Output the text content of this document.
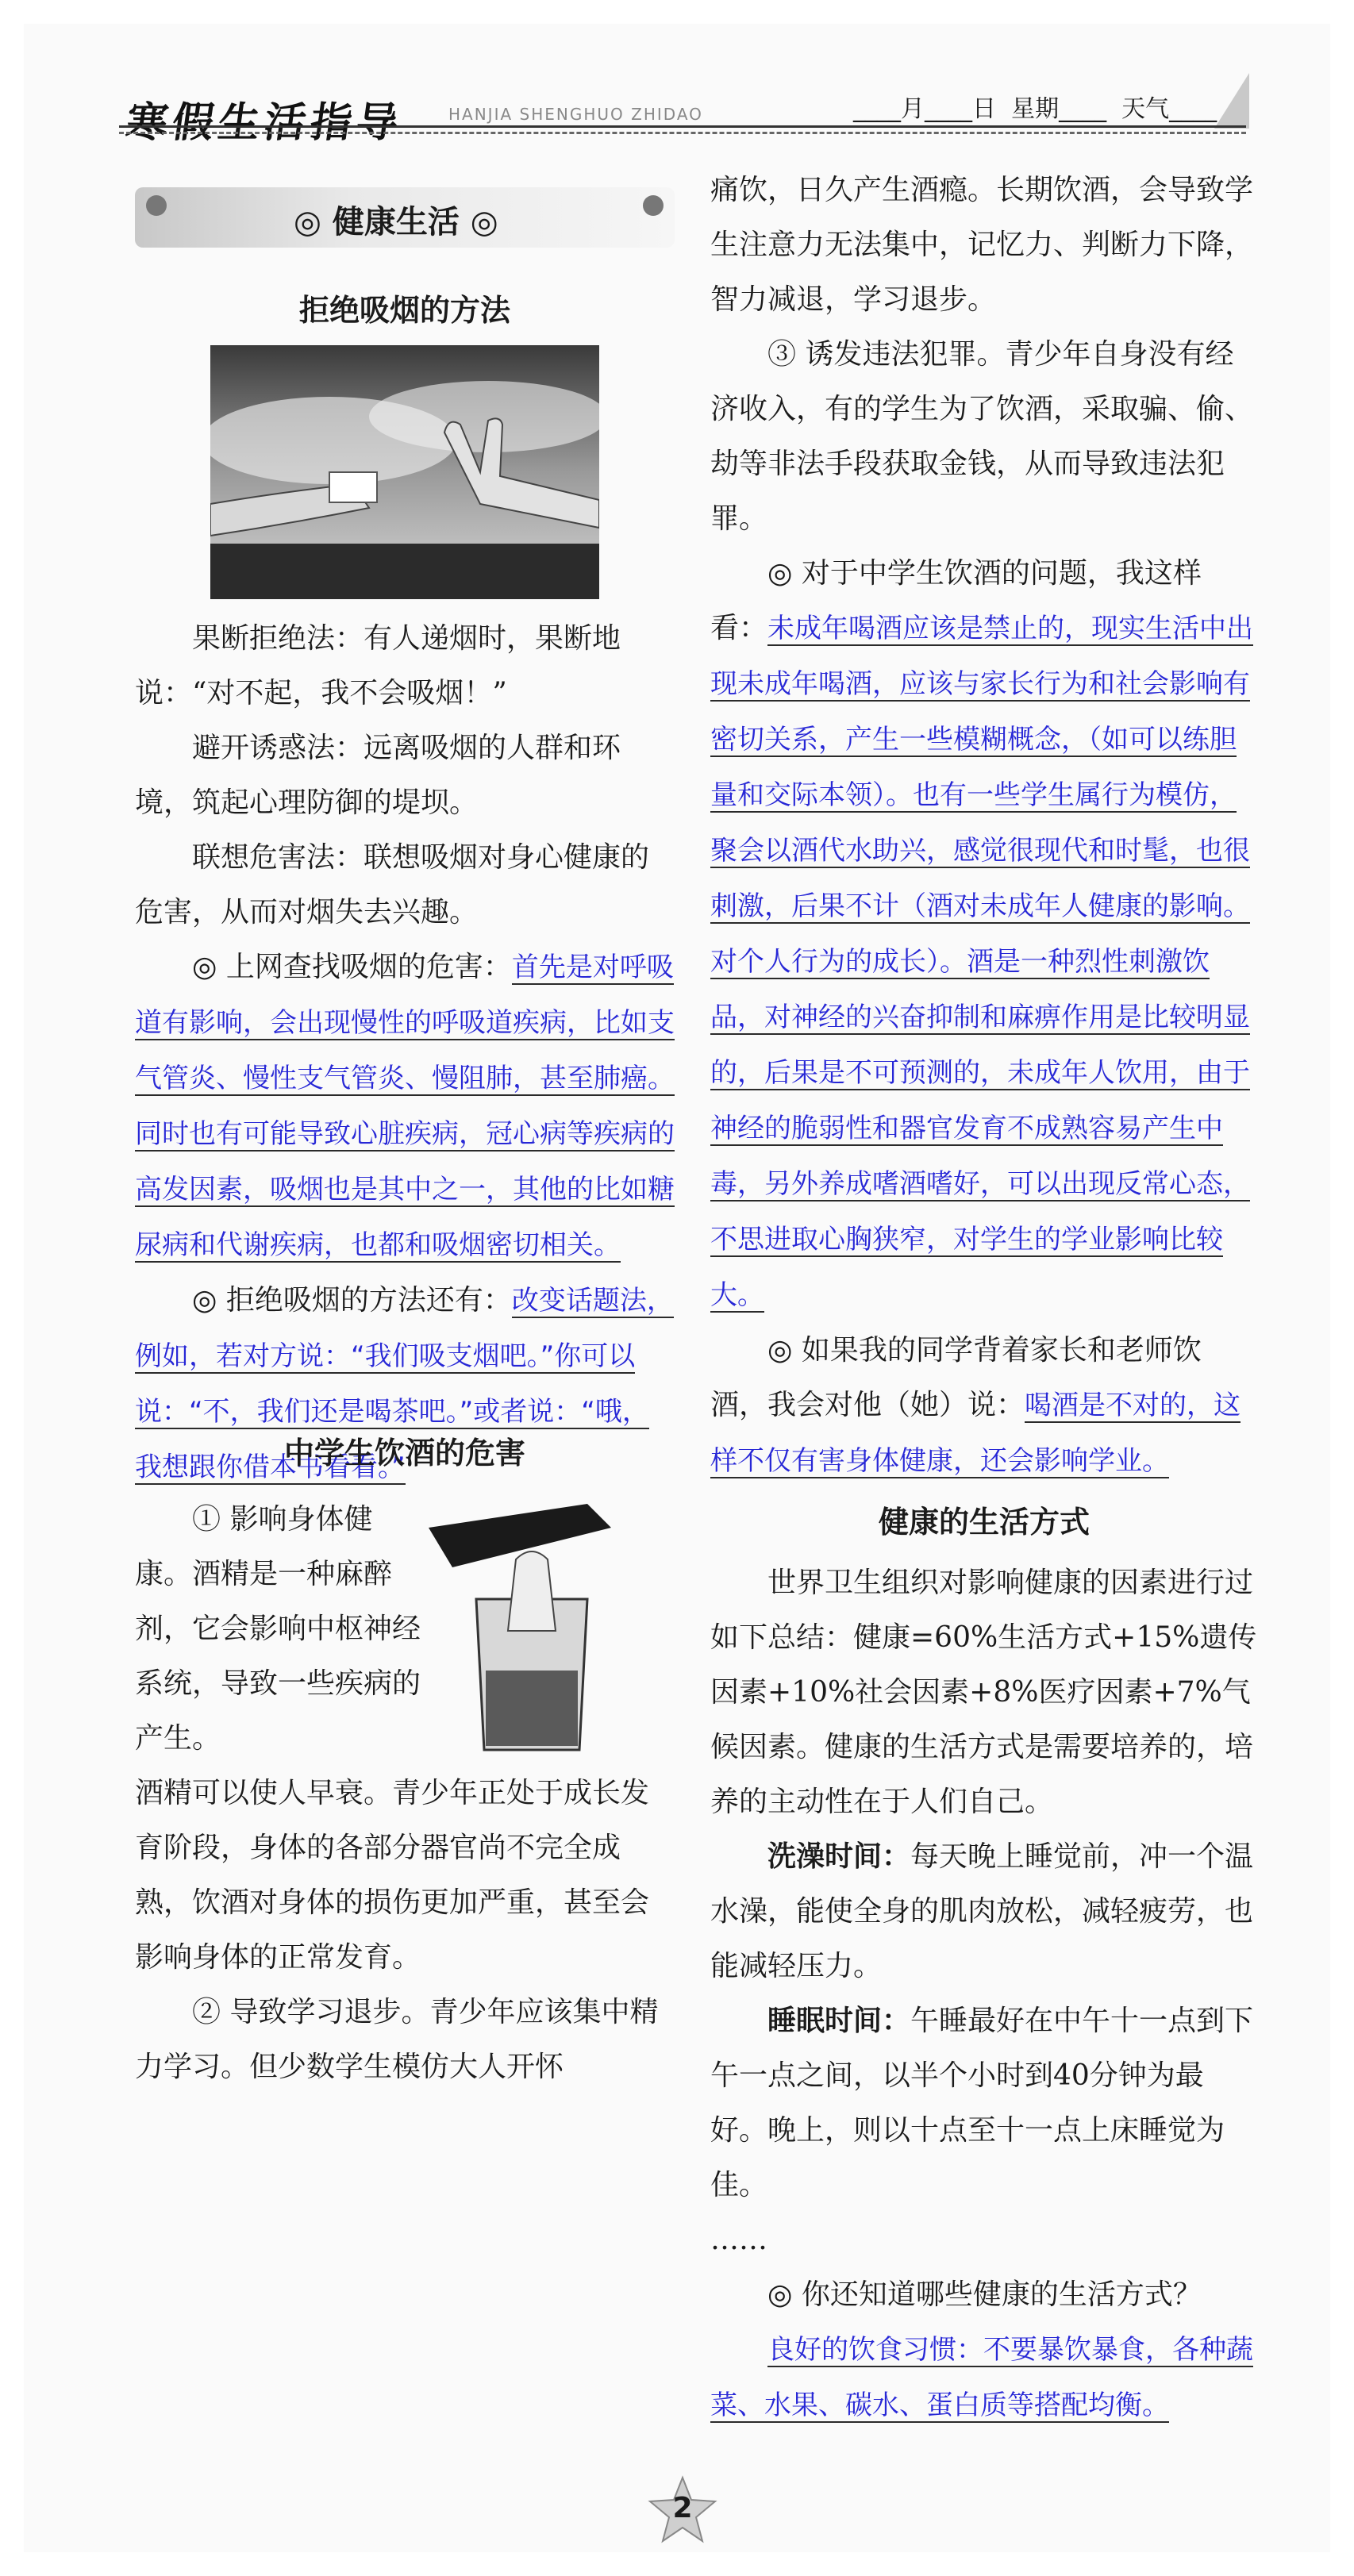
寒假生活指导	HANJIA SHENGHUO ZHIDAO	____月____日  星期____  天气____
◎ 健康生活 ◎
拒绝吸烟的方法

果断拒绝法：有人递烟时，果断地说：“对不起，我不会吸烟！”

避开诱惑法：远离吸烟的人群和环境，筑起心理防御的堤坝。

联想危害法：联想吸烟对身心健康的危害，从而对烟失去兴趣。

◎ 上网查找吸烟的危害：首先是对呼吸道有影响，会出现慢性的呼吸道疾病，比如支气管炎、慢性支气管炎、慢阻肺，甚至肺癌。同时也有可能导致心脏疾病，冠心病等疾病的高发因素，吸烟也是其中之一，其他的比如糖尿病和代谢疾病，也都和吸烟密切相关。

◎ 拒绝吸烟的方法还有：改变话题法，例如，若对方说：“我们吸支烟吧。”你可以说：“不，我们还是喝茶吧。”或者说：“哦，我想跟你借本书看看。”

中学生饮酒的危害

① 影响身体健康。酒精是一种麻醉剂，它会影响中枢神经系统，导致一些疾病的产生。

酒精可以使人早衰。青少年正处于成长发育阶段，身体的各部分器官尚不完全成熟，饮酒对身体的损伤更加严重，甚至会影响身体的正常发育。

② 导致学习退步。青少年应该集中精力学习。但少数学生模仿大人开怀

痛饮，日久产生酒瘾。长期饮酒，会导致学生注意力无法集中，记忆力、判断力下降，智力减退，学习退步。

③ 诱发违法犯罪。青少年自身没有经济收入，有的学生为了饮酒，采取骗、偷、劫等非法手段获取金钱，从而导致违法犯罪。

◎ 对于中学生饮酒的问题，我这样看：未成年喝酒应该是禁止的，现实生活中出现未成年喝酒，应该与家长行为和社会影响有密切关系，产生一些模糊概念，（如可以练胆量和交际本领）。也有一些学生属行为模仿，聚会以酒代水助兴，感觉很现代和时髦，也很刺激，后果不计（酒对未成年人健康的影响。对个人行为的成长）。酒是一种烈性刺激饮品，对神经的兴奋抑制和麻痹作用是比较明显的，后果是不可预测的，未成年人饮用，由于神经的脆弱性和器官发育不成熟容易产生中毒，另外养成嗜酒嗜好，可以出现反常心态，不思进取心胸狭窄，对学生的学业影响比较大。

◎ 如果我的同学背着家长和老师饮酒，我会对他（她）说：喝酒是不对的，这样不仅有害身体健康，还会影响学业。

健康的生活方式

世界卫生组织对影响健康的因素进行过如下总结：健康=60%生活方式+15%遗传因素+10%社会因素+8%医疗因素+7%气候因素。健康的生活方式是需要培养的，培养的主动性在于人们自己。

洗澡时间：每天晚上睡觉前，冲一个温水澡，能使全身的肌肉放松，减轻疲劳，也能减轻压力。

睡眠时间：午睡最好在中午十一点到下午一点之间，以半个小时到40分钟为最好。晚上，则以十点至十一点上床睡觉为佳。

……

◎ 你还知道哪些健康的生活方式？

良好的饮食习惯：不要暴饮暴食，各种蔬菜、水果、碳水、蛋白质等搭配均衡。

2
